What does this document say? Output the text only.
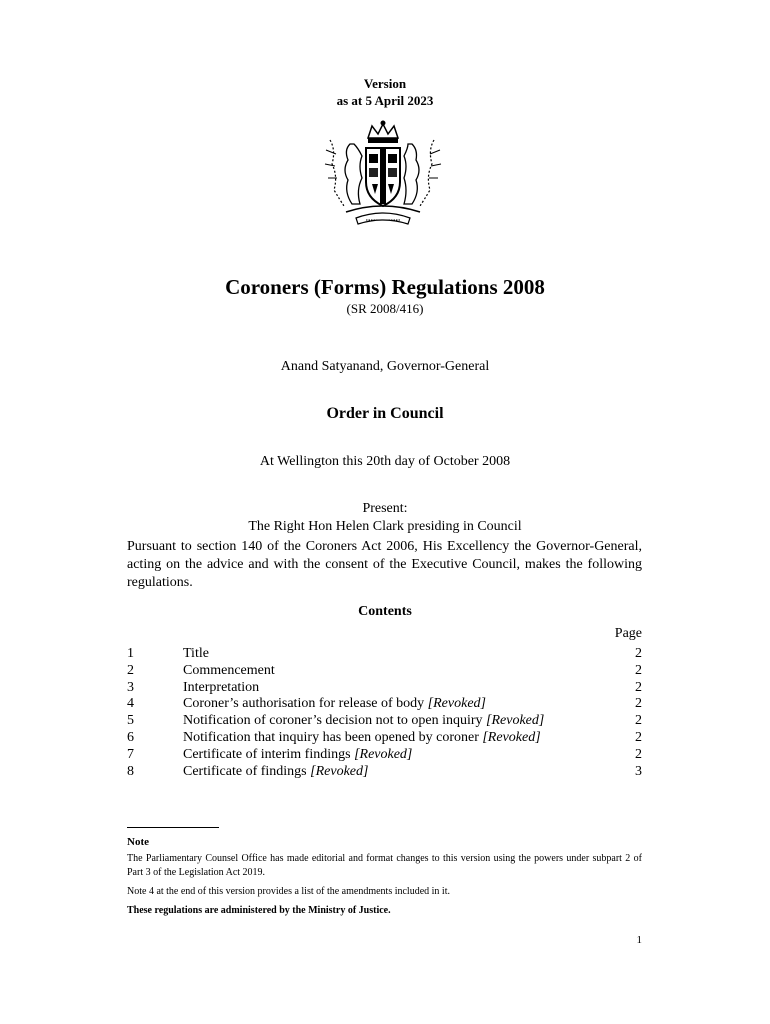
Version
as at 5 April 2023
Coroners (Forms) Regulations 2008
(SR 2008/416)
Anand Satyanand, Governor-General
Order in Council
At Wellington this 20th day of October 2008
Present:
The Right Hon Helen Clark presiding in Council
Pursuant to section 140 of the Coroners Act 2006, His Excellency the Governor-General, acting on the advice and with the consent of the Executive Council, makes the following regulations.
Contents
Page
1	Title	2
2	Commencement	2
3	Interpretation	2
4	Coroner’s authorisation for release of body [Revoked]	2
5	Notification of coroner’s decision not to open inquiry [Revoked]	2
6	Notification that inquiry has been opened by coroner [Revoked]	2
7	Certificate of interim findings [Revoked]	2
8	Certificate of findings [Revoked]	3
Note
The Parliamentary Counsel Office has made editorial and format changes to this version using the powers under subpart 2 of Part 3 of the Legislation Act 2019.
Note 4 at the end of this version provides a list of the amendments included in it.
These regulations are administered by the Ministry of Justice.
1
